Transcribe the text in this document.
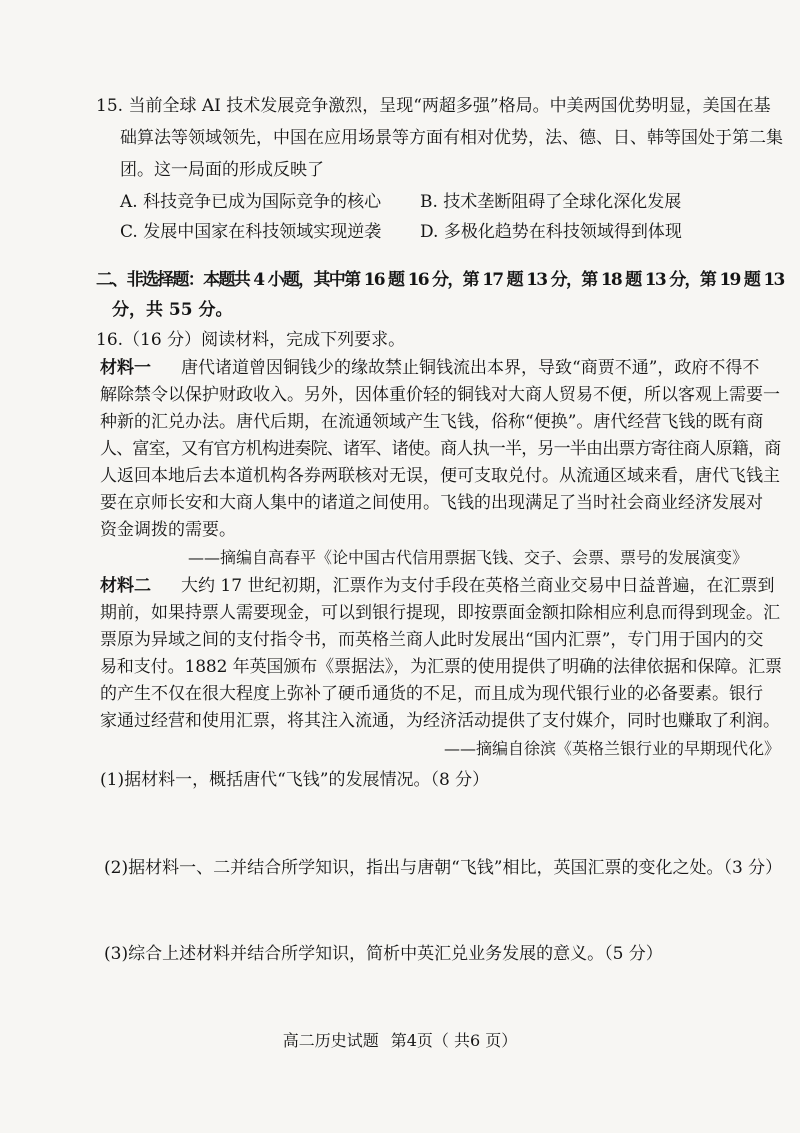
15. 当前全球 AI 技术发展竞争激烈，呈现“两超多强”格局。中美两国优势明显，美国在基
础算法等领域领先，中国在应用场景等方面有相对优势，法、德、日、韩等国处于第二集
团。这一局面的形成反映了
A. 科技竞争已成为国际竞争的核心 B. 技术垄断阻碍了全球化深化发展
C. 发展中国家在科技领域实现逆袭 D. 多极化趋势在科技领域得到体现
二、非选择题：本题共 4 小题，其中第 16 题 16 分，第 17 题 13 分，第 18 题 13 分，第 19 题 13
分，共 55 分。
16.（16 分）阅读材料，完成下列要求。
材料一 唐代诸道曾因铜钱少的缘故禁止铜钱流出本界，导致“商贾不通”，政府不得不
解除禁令以保护财政收入。另外，因体重价轻的铜钱对大商人贸易不便，所以客观上需要一
种新的汇兑办法。唐代后期，在流通领域产生飞钱，俗称“便换”。唐代经营飞钱的既有商
人、富室，又有官方机构进奏院、诸军、诸使。商人执一半，另一半由出票方寄往商人原籍，商
人返回本地后去本道机构各券两联核对无误，便可支取兑付。从流通区域来看，唐代飞钱主
要在京师长安和大商人集中的诸道之间使用。飞钱的出现满足了当时社会商业经济发展对
资金调拨的需要。
——摘编自高春平《论中国古代信用票据飞钱、交子、会票、票号的发展演变》
材料二 大约 17 世纪初期，汇票作为支付手段在英格兰商业交易中日益普遍，在汇票到
期前，如果持票人需要现金，可以到银行提现，即按票面金额扣除相应利息而得到现金。汇
票原为异域之间的支付指令书，而英格兰商人此时发展出“国内汇票”，专门用于国内的交
易和支付。1882 年英国颁布《票据法》，为汇票的使用提供了明确的法律依据和保障。汇票
的产生不仅在很大程度上弥补了硬币通货的不足，而且成为现代银行业的必备要素。银行
家通过经营和使用汇票，将其注入流通，为经济活动提供了支付媒介，同时也赚取了利润。
——摘编自徐滨《英格兰银行业的早期现代化》
(1)据材料一，概括唐代“飞钱”的发展情况。（8 分）
(2)据材料一、二并结合所学知识，指出与唐朝“飞钱”相比，英国汇票的变化之处。（3 分）
(3)综合上述材料并结合所学知识，简析中英汇兑业务发展的意义。（5 分）
高二历史试题 第4页（ 共6 页）
